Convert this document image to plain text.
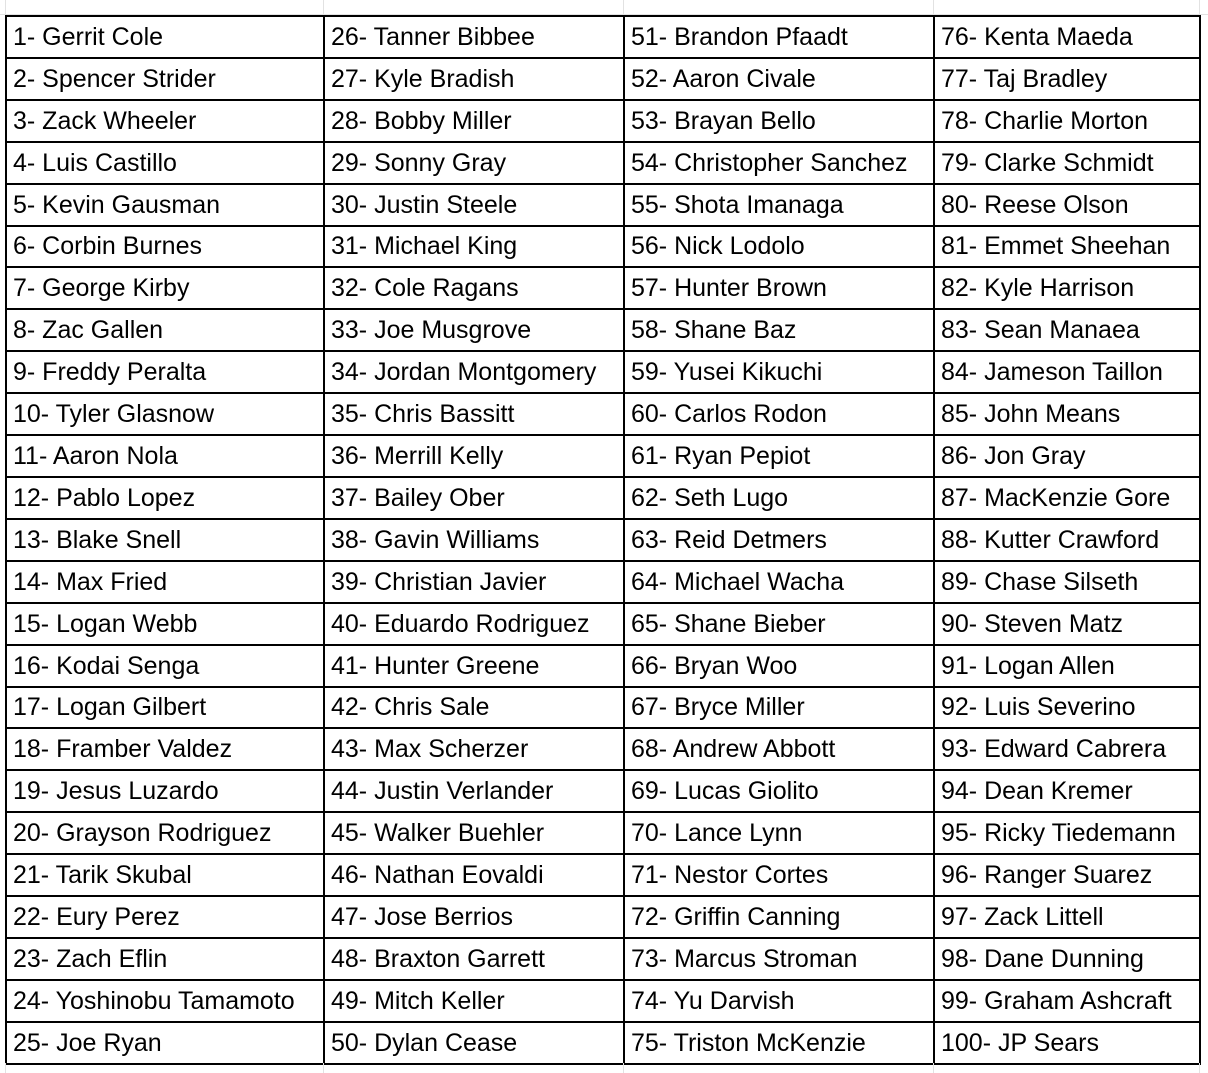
1- Gerrit Cole	26- Tanner Bibbee	51- Brandon Pfaadt	76- Kenta Maeda
2- Spencer Strider	27- Kyle Bradish	52- Aaron Civale	77- Taj Bradley
3- Zack Wheeler	28- Bobby Miller	53- Brayan Bello	78- Charlie Morton
4- Luis Castillo	29- Sonny Gray	54- Christopher Sanchez	79- Clarke Schmidt
5- Kevin Gausman	30- Justin Steele	55- Shota Imanaga	80- Reese Olson
6- Corbin Burnes	31- Michael King	56- Nick Lodolo	81- Emmet Sheehan
7- George Kirby	32- Cole Ragans	57- Hunter Brown	82- Kyle Harrison
8- Zac Gallen	33- Joe Musgrove	58- Shane Baz	83- Sean Manaea
9- Freddy Peralta	34- Jordan Montgomery	59- Yusei Kikuchi	84- Jameson Taillon
10- Tyler Glasnow	35- Chris Bassitt	60- Carlos Rodon	85- John Means
11- Aaron Nola	36- Merrill Kelly	61- Ryan Pepiot	86- Jon Gray
12- Pablo Lopez	37- Bailey Ober	62- Seth Lugo	87- MacKenzie Gore
13- Blake Snell	38- Gavin Williams	63- Reid Detmers	88- Kutter Crawford
14- Max Fried	39- Christian Javier	64- Michael Wacha	89- Chase Silseth
15- Logan Webb	40- Eduardo Rodriguez	65- Shane Bieber	90- Steven Matz
16- Kodai Senga	41- Hunter Greene	66- Bryan Woo	91- Logan Allen
17- Logan Gilbert	42- Chris Sale	67- Bryce Miller	92- Luis Severino
18- Framber Valdez	43- Max Scherzer	68- Andrew Abbott	93- Edward Cabrera
19- Jesus Luzardo	44- Justin Verlander	69- Lucas Giolito	94- Dean Kremer
20- Grayson Rodriguez	45- Walker Buehler	70- Lance Lynn	95- Ricky Tiedemann
21- Tarik Skubal	46- Nathan Eovaldi	71- Nestor Cortes	96- Ranger Suarez
22- Eury Perez	47- Jose Berrios	72- Griffin Canning	97- Zack Littell
23- Zach Eflin	48- Braxton Garrett	73- Marcus Stroman	98- Dane Dunning
24- Yoshinobu Tamamoto	49- Mitch Keller	74- Yu Darvish	99- Graham Ashcraft
25- Joe Ryan	50- Dylan Cease	75- Triston McKenzie	100- JP Sears
